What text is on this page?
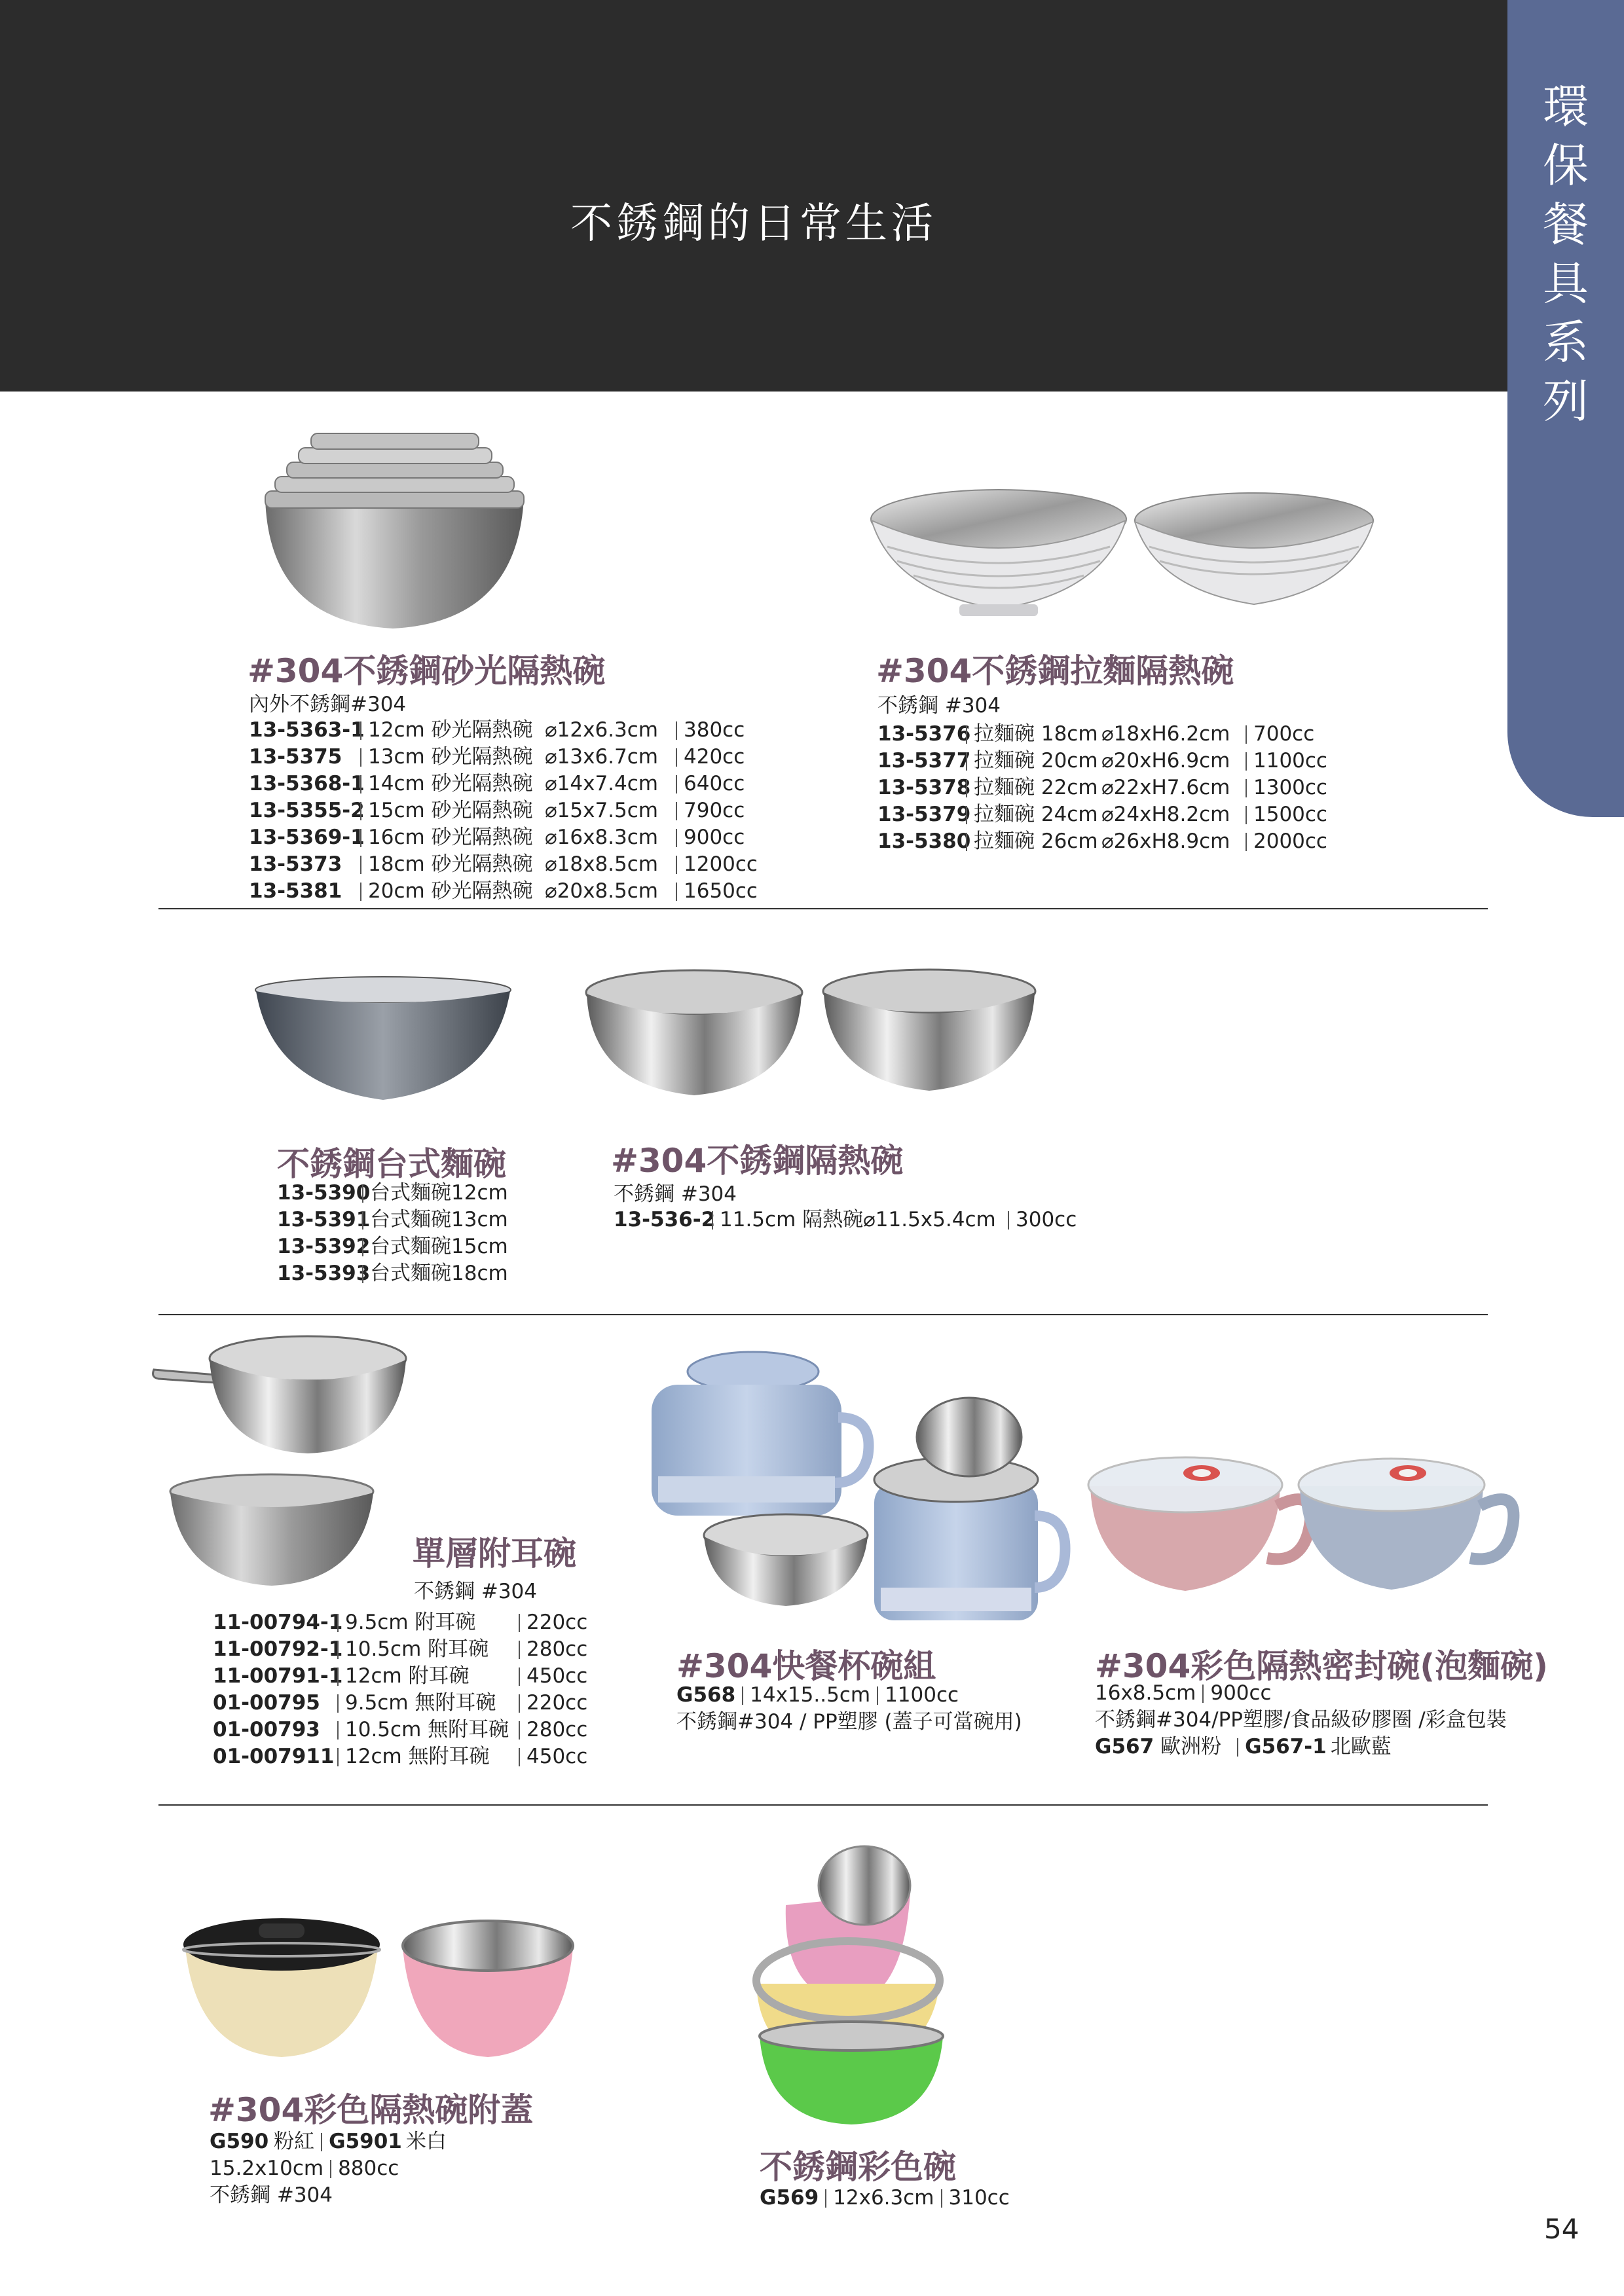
不銹鋼的日常生活
環
保
餐
具
系
列
#304不銹鋼砂光隔熱碗
內外不銹鋼#304
13-5363-1 12cm 砂光隔熱碗 ⌀12x6.3cm	380cc
13-5375	13cm 砂光隔熱碗 ⌀13x6.7cm	420cc
13-5368-1 14cm 砂光隔熱碗 ⌀14x7.4cm	640cc
13-5355-2 15cm 砂光隔熱碗 ⌀15x7.5cm	790cc
13-5369-1 16cm 砂光隔熱碗 ⌀16x8.3cm	900cc
13-5373	18cm 砂光隔熱碗 ⌀18x8.5cm	1200cc
13-5381	20cm 砂光隔熱碗 ⌀20x8.5cm	1650cc
#304不銹鋼拉麵隔熱碗
不銹鋼 #304
13-5376 拉麵碗 18cm ⌀18xH6.2cm	700cc
13-5377 拉麵碗 20cm ⌀20xH6.9cm	1100cc
13-5378 拉麵碗 22cm ⌀22xH7.6cm	1300cc
13-5379 拉麵碗 24cm ⌀24xH8.2cm	1500cc
13-5380 拉麵碗 26cm ⌀26xH8.9cm	2000cc
不銹鋼台式麵碗
13-5390 台式麵碗12cm
13-5391 台式麵碗13cm
13-5392 台式麵碗15cm
13-5393 台式麵碗18cm
#304不銹鋼隔熱碗
不銹鋼 #304
13-536-2 11.5cm 隔熱碗⌀11.5x5.4cm 300cc
單層附耳碗
不銹鋼 #304
11-00794-1 9.5cm 附耳碗	220cc
11-00792-1 10.5cm 附耳碗	280cc
11-00791-1 12cm 附耳碗	450cc
01-00795	9.5cm 無附耳碗	220cc
01-00793	10.5cm 無附耳碗 280cc
01-007911 12cm 無附耳碗	450cc
#304快餐杯碗組
G568 14x15..5cm 1100cc
不銹鋼#304 / PP塑膠 (蓋子可當碗用)
#304彩色隔熱密封碗(泡麵碗)
16x8.5cm 900cc
不銹鋼#304/PP塑膠/食品級矽膠圈 /彩盒包裝
G567 歐洲粉 G567-1 北歐藍
#304彩色隔熱碗附蓋
G590 粉紅 G5901 米白
15.2x10cm 880cc
不銹鋼 #304
不銹鋼彩色碗
G569 12x6.3cm 310cc
54
